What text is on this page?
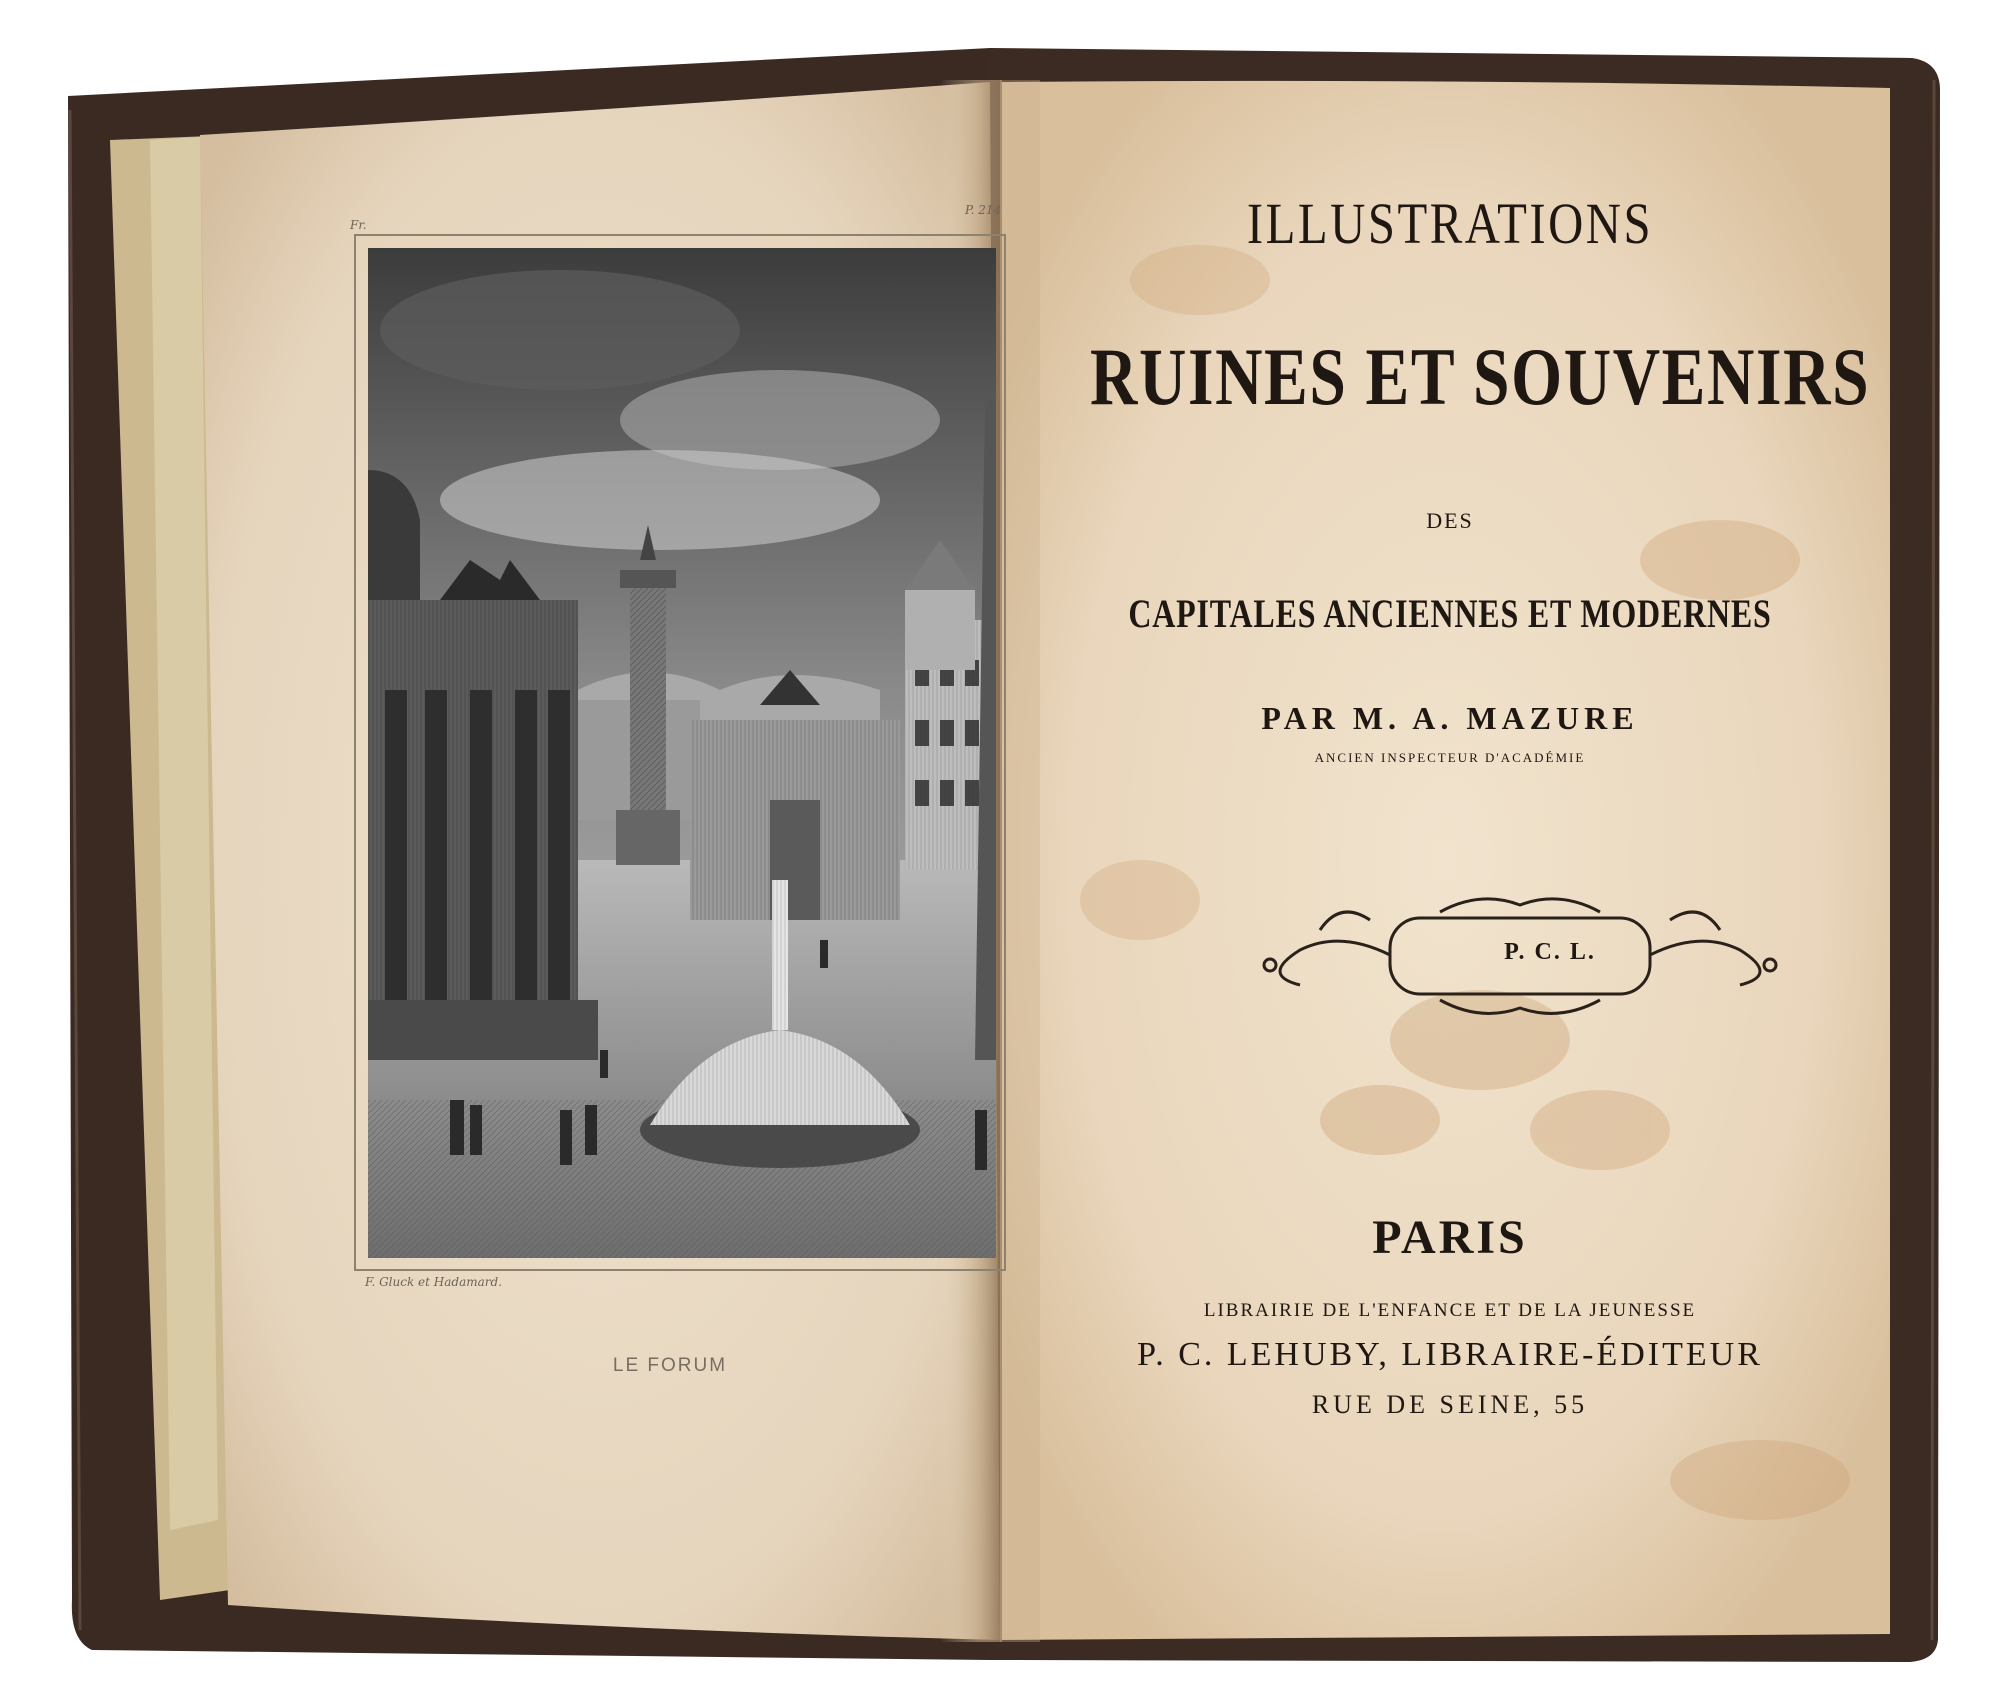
Fr.
P. 214
F. Gluck et Hadamard.
LE FORUM
ILLUSTRATIONS
RUINES ET SOUVENIRS
DES
CAPITALES ANCIENNES ET MODERNES
PAR M. A. MAZURE
ANCIEN INSPECTEUR D'ACADÉMIE
P. C. L.
PARIS
LIBRAIRIE DE L'ENFANCE ET DE LA JEUNESSE
P. C. LEHUBY, LIBRAIRE-ÉDITEUR
RUE DE SEINE, 55
